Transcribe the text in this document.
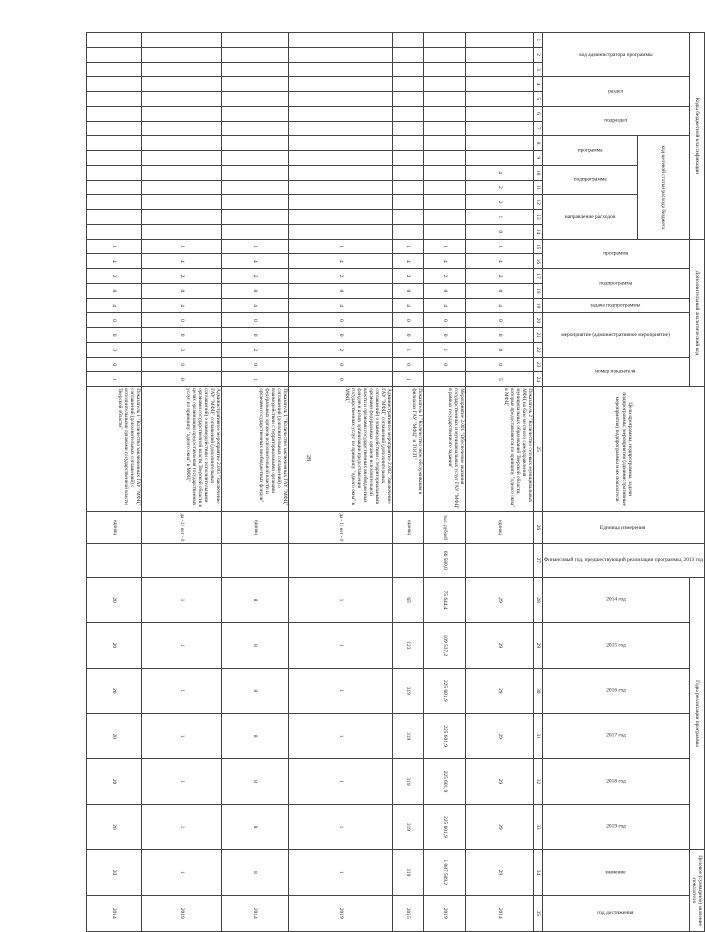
28
Коды бюджетной классификации														Дополнительный аналитический код										Цели программы, подпрограммы, задачи подпрограммы, мероприятия (административные мероприятия) подпрограммы и их показатели	Единица измерения	Финансовый год, предшествующий реализации программы, 2013 год	Годы реализации программы						Целевое (суммарное) значение показателя	
код администратора программы			раздел		подраздел		код целевой статьи расхода бюджета							программа		подпрограмма		задача подпрограммы	мероприятие (административное мероприятие)			номер показателя					2014 год	2015 год	2016 год	2017 год	2018 год	2019 год	значение	год достижения
							программа		подпрограмма		направление расходов																							
1	2	3	4	5	6	7	8	9	10	11	12	13	14	15	16	17	18	19	20	21	22	23	24	25	26	27	28	29	30	31	32	33	34	35
									4	2	2	1	0	1	4	2	0	4	0	0	0	0	5	Показатель 2 "Количество сетевых муниципальных МФЦ на базе местного самоуправления муниципальных образований Тверской области, которые предоставляются по принципу "одного окна" в МФЦ"	единиц		29	29	29	29	29	29	29	2014
														1	4	2	0	4	0	0	1	0		Мероприятие 2.001 "Обеспечение оказания государственных и муниципальных услуг ГАУ "МФЦ" в рамках государственного задания"	тыс. рублей	66 580,0	75 644,4	109 537,2	225 601,9	225 601,9	225 601,9	225 601,9	1 087 589,2	2019
														1	4	2	0	4	0	0	1	0	1	Показатель 1 "Количество окон обслуживания в филиалах ГАУ "МФЦ" и ТОСП"	единиц		65	123	319	319	319	319	319	2015
														1	4	2	0	4	0	0	2	0	0	Административное мероприятие 2.002 "Заключение ГАУ "МФЦ" соглашений (дополнительных соглашений) о взаимодействии с территориальными органами федеральных органов исполнительной власти и органами государственных внебюджетных фондов в целях организации предоставления государственных услуг по принципу "одного окна" в МФЦ"	да - 1/ нет - 0		1	1	1	1	1	1	1	2019
														1	4	2	0	4	0	0	2	0	1	Показатель 1 "Количество заключенных ГАУ "МФЦ" соглашений (дополнительных соглашений) о взаимодействии с территориальными органами федеральных органов исполнительной власти и органами государственных внебюджетных фондов"	единиц		8	8	8	8	8	8	8	2014
														1	4	2	0	4	0	0	3	0	0	Административное мероприятие 2.003 "Заключение ГАУ "МФЦ" соглашений (дополнительных соглашений) о взаимодействии с исполнительными органами государственной власти Тверской области в целях организации предоставления государственных услуг по принципу "одного окна" в МФЦ"	да - 1/ нет - 0		1	1	1	1	1	1	1	2019
														1	4	2	0	4	0	0	3	0	1	Показатель 1 "Количество заключенных ГАУ "МФЦ" соглашений (дополнительных соглашений) с исполнительными органами государственной власти Тверской области"	единиц		20	20	20	20	20	20	20	2014
